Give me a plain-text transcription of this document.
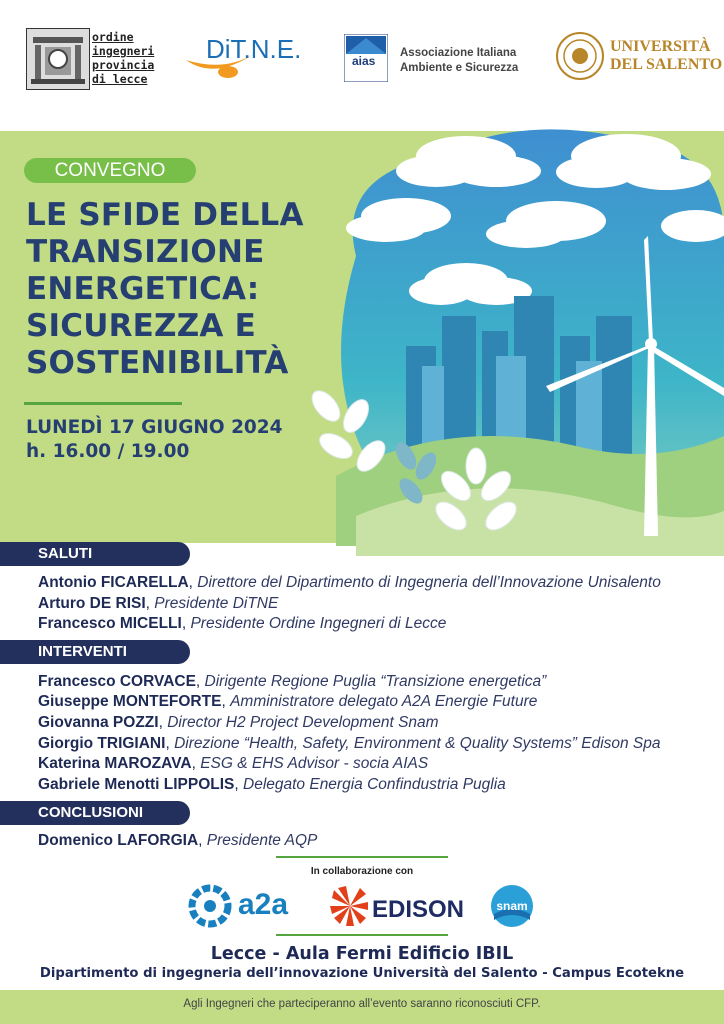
ordine
ingegneri
provincia
di lecce
DiT.N.E.	aias
Associazione Italiana
Ambiente e Sicurezza
UNIVERSITÀ
DEL SALENTO
CONVEGNO
LE SFIDE DELLA
TRANSIZIONE
ENERGETICA:
SICUREZZA E
SOSTENIBILITÀ
LUNEDÌ 17 GIUGNO 2024
h. 16.00 / 19.00
SALUTI
Antonio FICARELLA, Direttore del Dipartimento di Ingegneria dell’Innovazione Unisalento
Arturo DE RISI, Presidente DiTNE
Francesco MICELLI, Presidente Ordine Ingegneri di Lecce
INTERVENTI
Francesco CORVACE, Dirigente Regione Puglia “Transizione energetica”
Giuseppe MONTEFORTE, Amministratore delegato A2A Energie Future
Giovanna POZZI, Director H2 Project Development Snam
Giorgio TRIGIANI, Direzione “Health, Safety, Environment & Quality Systems” Edison Spa
Katerina MAROZAVA, ESG & EHS Advisor - socia AIAS
Gabriele Menotti LIPPOLIS, Delegato Energia Confindustria Puglia
CONCLUSIONI
Domenico LAFORGIA, Presidente AQP
In collaborazione con
a2a	EDISON	snam
Lecce - Aula Fermi Edificio IBIL
Dipartimento di ingegneria dell’innovazione Università del Salento - Campus Ecotekne
Agli Ingegneri che parteciperanno all’evento saranno riconosciuti CFP.
